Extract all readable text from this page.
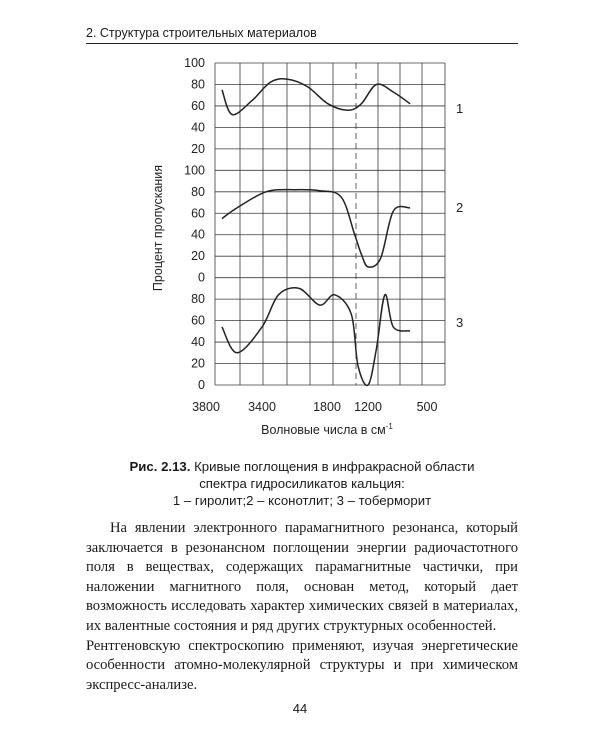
2. Структура строительных материалов
100
80
60
40
20
100
80
60
40
20
0
80
60
40
20
0
3800 3400	1800 1200	500
Волновые числа в $см^{-1}$
Процент пропускания
1
2
3
Рис. 2.13. Кривые поглощения в инфракрасной области
спектра гидросиликатов кальция:
1 – гиролит;2 – ксонотлит; 3 – тоберморит

На явлении электронного парамагнитного резонанса, который заключается в резонансном поглощении энергии радиочастотного поля в веществах, содержащих парамагнитные частички, при наложении магнитного поля, основан метод, который дает возможность исследовать характер химических связей в материалах, их валентные состояния и ряд других структурных особенностей.

Рентгеновскую спектроскопию применяют, изучая энергетические особенности атомно-молекулярной структуры и при химическом экспресс-анализе.

44
